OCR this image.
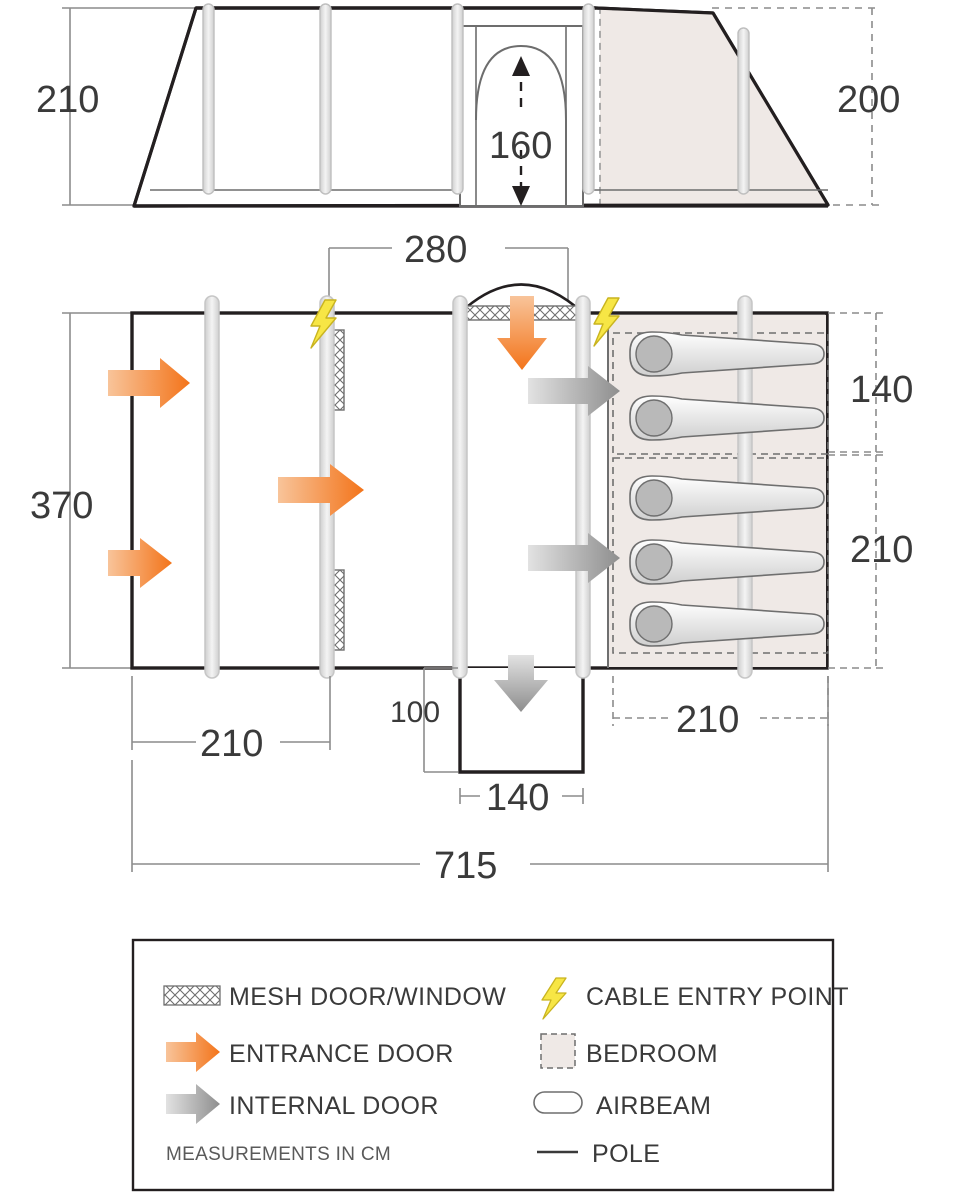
210
160
200
280
370
140
210
210
210
100
140
715
MESH DOOR/WINDOW	CABLE ENTRY POINT
ENTRANCE DOOR	BEDROOM
INTERNAL DOOR	AIRBEAM
POLE
MEASUREMENTS IN CM
